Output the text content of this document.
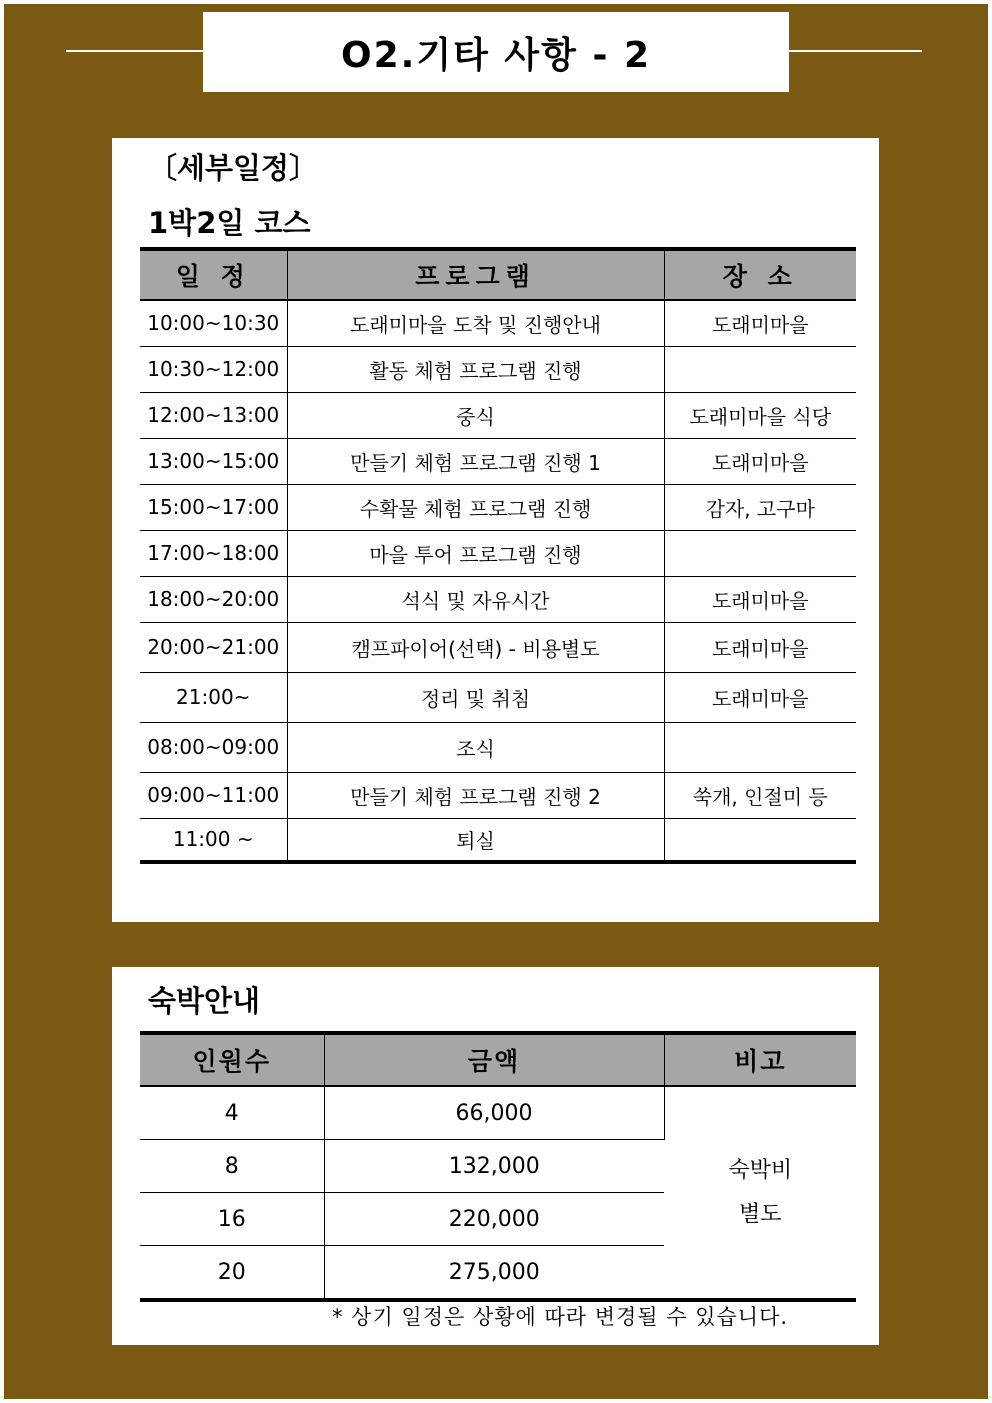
O2.기타 사항 - 2
〔세부일정〕
1박2일 코스
일 정	프로그램	장 소
10:00~10:30	도래미마을 도착 및 진행안내	도래미마을
10:30~12:00	활동 체험 프로그램 진행	
12:00~13:00	중식	도래미마을 식당
13:00~15:00	만들기 체험 프로그램 진행 1	도래미마을
15:00~17:00	수확물 체험 프로그램 진행	감자, 고구마
17:00~18:00	마을 투어 프로그램 진행	
18:00~20:00	석식 및 자유시간	도래미마을
20:00~21:00	캠프파이어(선택) - 비용별도	도래미마을
21:00~	정리 및 취침	도래미마을
08:00~09:00	조식	
09:00~11:00	만들기 체험 프로그램 진행 2	쑥개, 인절미 등
11:00 ~	퇴실	
숙박안내
인원수	금액	비고
4	66,000	숙박비
별도

8	132,000	
16	220,000	
20	275,000	
* 상기 일정은 상황에 따라 변경될 수 있습니다.
